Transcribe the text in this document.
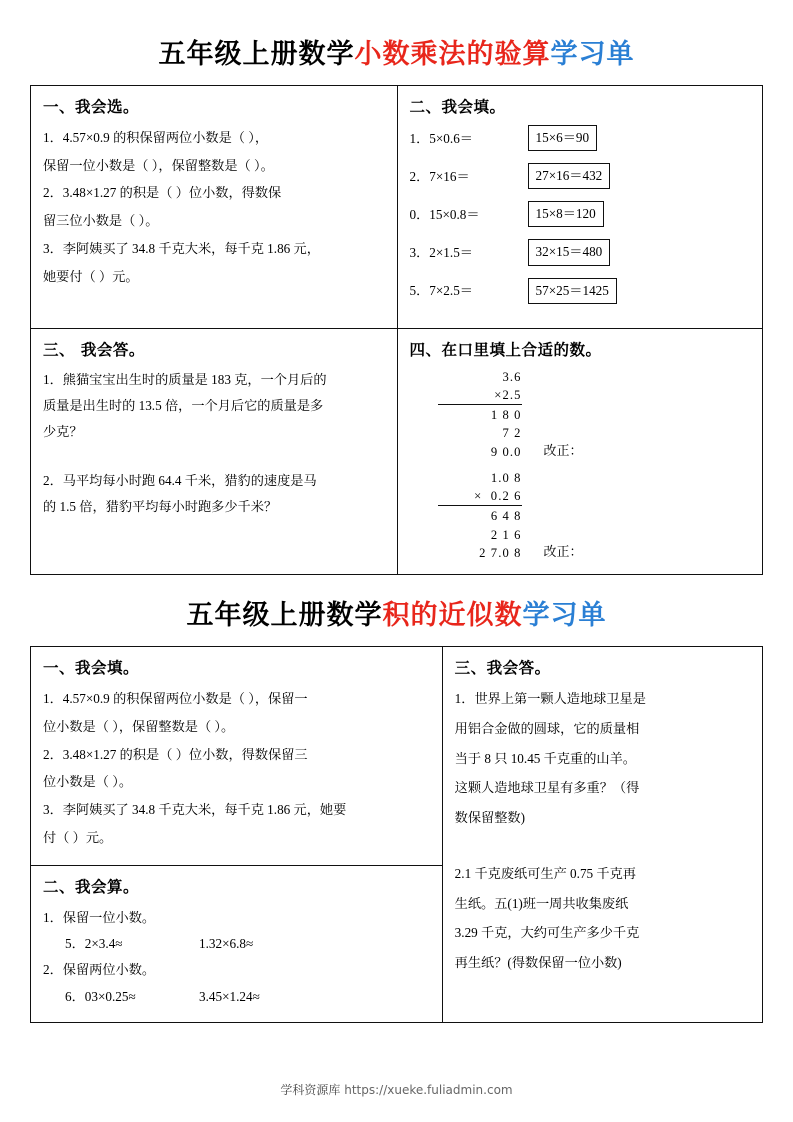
五年级上册数学小数乘法的验算学习单
一、我会选。
1．4.57×0.9 的积保留两位小数是（ ），
保留一位小数是（ ），保留整数是（ ）。
2．3.48×1.27 的积是（ ）位小数，得数保
留三位小数是（ ）。
3．李阿姨买了 34.8 千克大米，每千克 1.86 元，
她要付（ ）元。
二、我会填。
1．5×0.6＝	15×6＝90
2．7×16＝	27×16＝432
0．15×0.8＝	15×8＝120
3．2×1.5＝	32×15＝480
5．7×2.5＝	57×25＝1425
三、 我会答。
1．熊猫宝宝出生时的质量是 183 克，一个月后的
质量是出生时的 13.5 倍，一个月后它的质量是多
少克？
2．马平均每小时跑 64.4 千米，猎豹的速度是马
的 1.5 倍，猎豹平均每小时跑多少千米？
四、在口里填上合适的数。
3.6
×2.5
1 8 0
7 2
9 0.0 改正：
1.0 8
×  0.2 6
6 4 8
2 1 6
2 7.0 8 改正：
五年级上册数学积的近似数学习单
一、我会填。
1．4.57×0.9 的积保留两位小数是（ ），保留一
位小数是（ ），保留整数是（ ）。
2．3.48×1.27 的积是（ ）位小数，得数保留三
位小数是（ ）。
3．李阿姨买了 34.8 千克大米，每千克 1.86 元，她要
付（ ）元。
二、我会算。
1．保留一位小数。
5．2×3.4≈	1.32×6.8≈
2．保留两位小数。
6．03×0.25≈	3.45×1.24≈
三、我会答。
1．世界上第一颗人造地球卫星是
用铝合金做的圆球，它的质量相
当于 8 只 10.45 千克重的山羊。
这颗人造地球卫星有多重？（得
数保留整数)
2.1 千克废纸可生产 0.75 千克再
生纸。五(1)班一周共收集废纸
3.29 千克，大约可生产多少千克
再生纸？(得数保留一位小数)
学科资源库 https://xueke.fuliadmin.com
